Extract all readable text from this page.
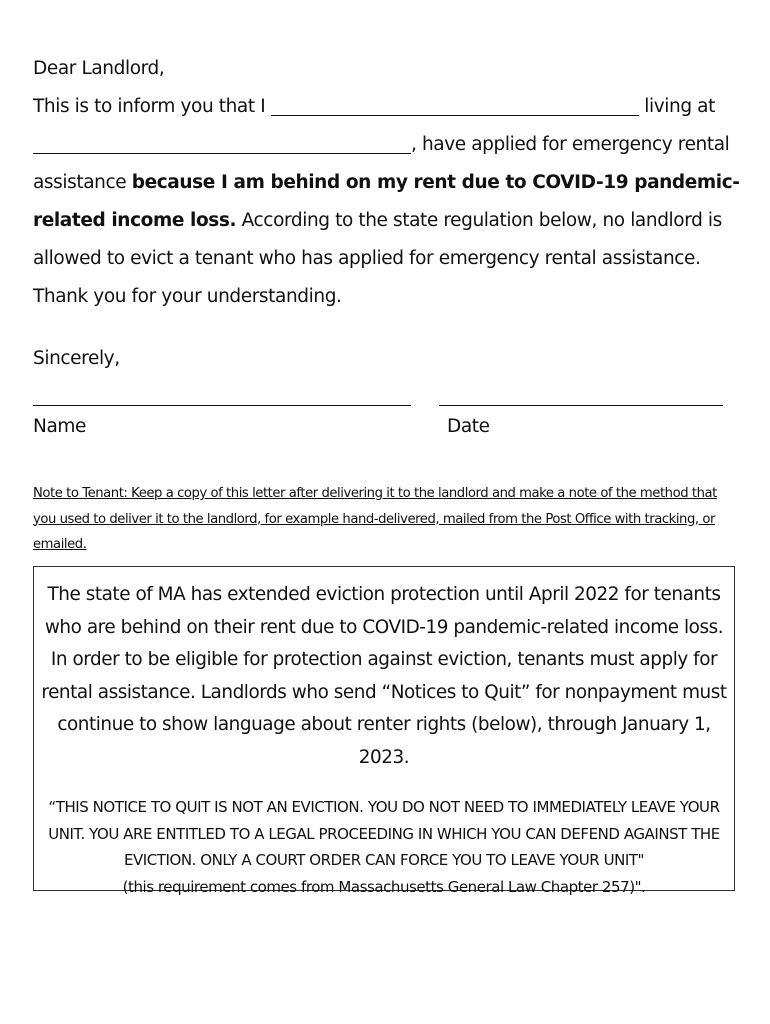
Dear Landlord,
This is to inform you that I	living at
, have applied for emergency rental
assistance because I am behind on my rent due to COVID-19 pandemic-
related income loss. According to the state regulation below, no landlord is
allowed to evict a tenant who has applied for emergency rental assistance.
Thank you for your understanding.
Sincerely,
Name	Date
Note to Tenant: Keep a copy of this letter after delivering it to the landlord and make a note of the method that you used to deliver it to the landlord, for example hand-delivered, mailed from the Post Office with tracking, or emailed.
The state of MA has extended eviction protection until April 2022 for tenants who are behind on their rent due to COVID-19 pandemic-related income loss. In order to be eligible for protection against eviction, tenants must apply for rental assistance. Landlords who send “Notices to Quit” for nonpayment must continue to show language about renter rights (below), through January 1, 2023.
“THIS NOTICE TO QUIT IS NOT AN EVICTION. YOU DO NOT NEED TO IMMEDIATELY LEAVE YOUR UNIT. YOU ARE ENTITLED TO A LEGAL PROCEEDING IN WHICH YOU CAN DEFEND AGAINST THE EVICTION. ONLY A COURT ORDER CAN FORCE YOU TO LEAVE YOUR UNIT"
(this requirement comes from Massachusetts General Law Chapter 257)".
